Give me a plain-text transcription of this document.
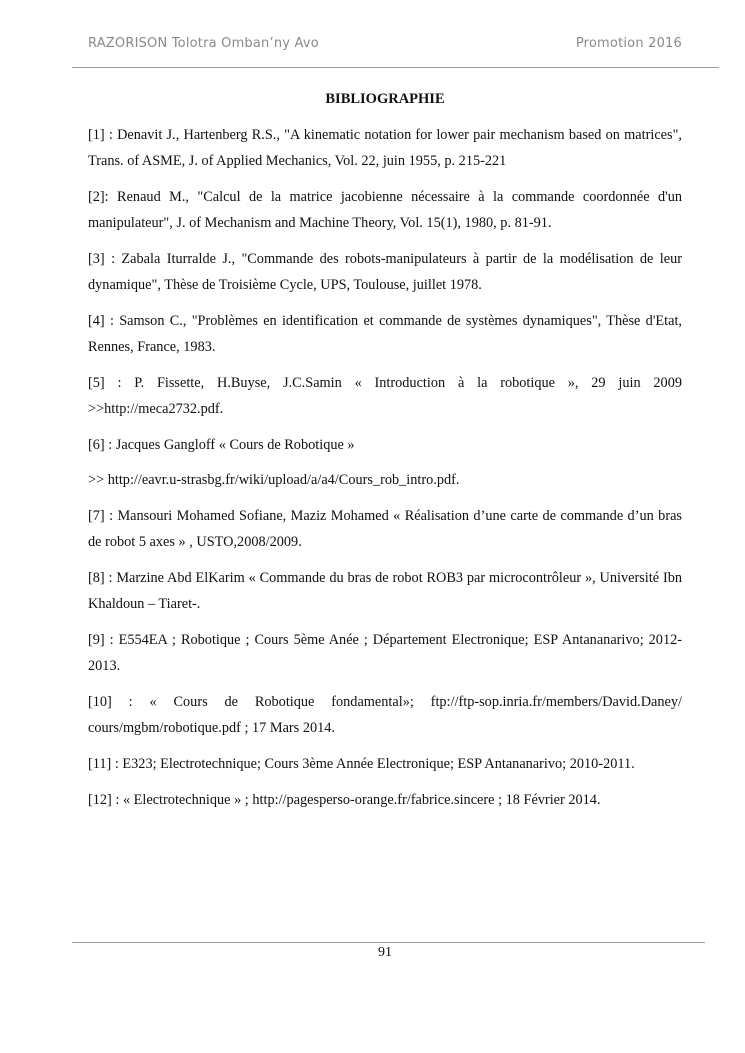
RAZORISON Tolotra Omban’ny Avo	Promotion 2016
BIBLIOGRAPHIE

[1] : Denavit J., Hartenberg R.S., "A kinematic notation for lower pair mechanism based on matrices", Trans. of ASME, J. of Applied Mechanics, Vol. 22, juin 1955, p. 215-221

[2]: Renaud M., "Calcul de la matrice jacobienne nécessaire à la commande coordonnée d'un manipulateur", J. of Mechanism and Machine Theory, Vol. 15(1), 1980, p. 81-91.

[3] : Zabala Iturralde J., "Commande des robots-manipulateurs à partir de la modélisation de leur dynamique", Thèse de Troisième Cycle, UPS, Toulouse, juillet 1978.

[4] : Samson C., "Problèmes en identification et commande de systèmes dynamiques", Thèse d'Etat, Rennes, France, 1983.

[5] : P. Fissette, H.Buyse, J.C.Samin « Introduction à la robotique », 29 juin 2009 >>http://meca2732.pdf.

[6] : Jacques Gangloff « Cours de Robotique »

>> http://eavr.u-strasbg.fr/wiki/upload/a/a4/Cours_rob_intro.pdf.

[7] : Mansouri Mohamed Sofiane, Maziz Mohamed « Réalisation d’une carte de commande d’un bras de robot 5 axes » , USTO,2008/2009.

[8] : Marzine Abd ElKarim « Commande du bras de robot ROB3 par microcontrôleur », Université Ibn Khaldoun – Tiaret-.

[9] : E554EA ; Robotique ; Cours 5ème Anée ; Département Electronique; ESP Antananarivo; 2012-2013.

[10] : « Cours de Robotique fondamental»; ftp://ftp-sop.inria.fr/members/David.Daney/ cours/mgbm/robotique.pdf ; 17 Mars 2014.

[11] : E323; Electrotechnique; Cours 3ème Année Electronique; ESP Antananarivo; 2010-2011.

[12] : « Electrotechnique » ; http://pagesperso-orange.fr/fabrice.sincere ; 18 Février 2014.

91
